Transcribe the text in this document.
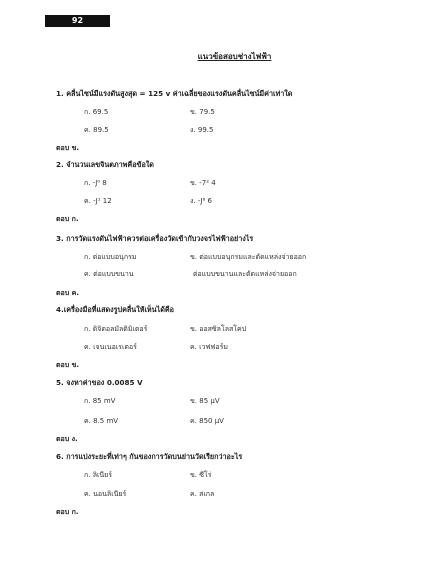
92
แนวข้อสอบช่างไฟฟ้า
1. คลื่นไซน์มีแรงดันสูงสุด = 125 v ค่าเฉลี่ยของแรงดันคลื่นไซน์มีค่าเท่าใด
ก. 69.5	ข. 79.5
ค. 89.5	ง. 99.5
ตอบ ข.
2. จำนวนเลขจินตภาพคือข้อใด
ก. -J⁰ 8	ข. -7² 4
ค. -J¹ 12	ง. -J⁶ 6
ตอบ ก.
3. การวัดแรงดันไฟฟ้าควรต่อเครื่องวัดเข้ากับวงจรไฟฟ้าอย่างไร
ก. ต่อแบบอนุกรม	ข. ต่อแบบอนุกรมและตัดแหล่งจ่ายออก
ค. ต่อแบบขนาน	ต่อแบบขนานและตัดแหล่งจ่ายออก
ตอบ ค.
4.เครื่องมือที่แสดงรูปคลื่นให้เห็นได้คือ
ก. ดิจิตอลมัลติมิเตอร์	ข. ออสซิลโลสโคป
ค. เจนเนอเรเตอร์	ค. เวฟฟอร์ม
ตอบ ข.
5. จงหาค่าของ 0.0085 V
ก. 85 mV	ข. 85 µV
ค. 8.5 mV	ค. 850 µV
ตอบ ง.
6. การแบ่งระยะที่เท่าๆ กันของการวัดบนย่านวัดเรียกว่าอะไร
ก. ลิเนียร์	ข. ซีโร่
ค. นอนลิเนียร์	ค. สเกล
ตอบ ก.
